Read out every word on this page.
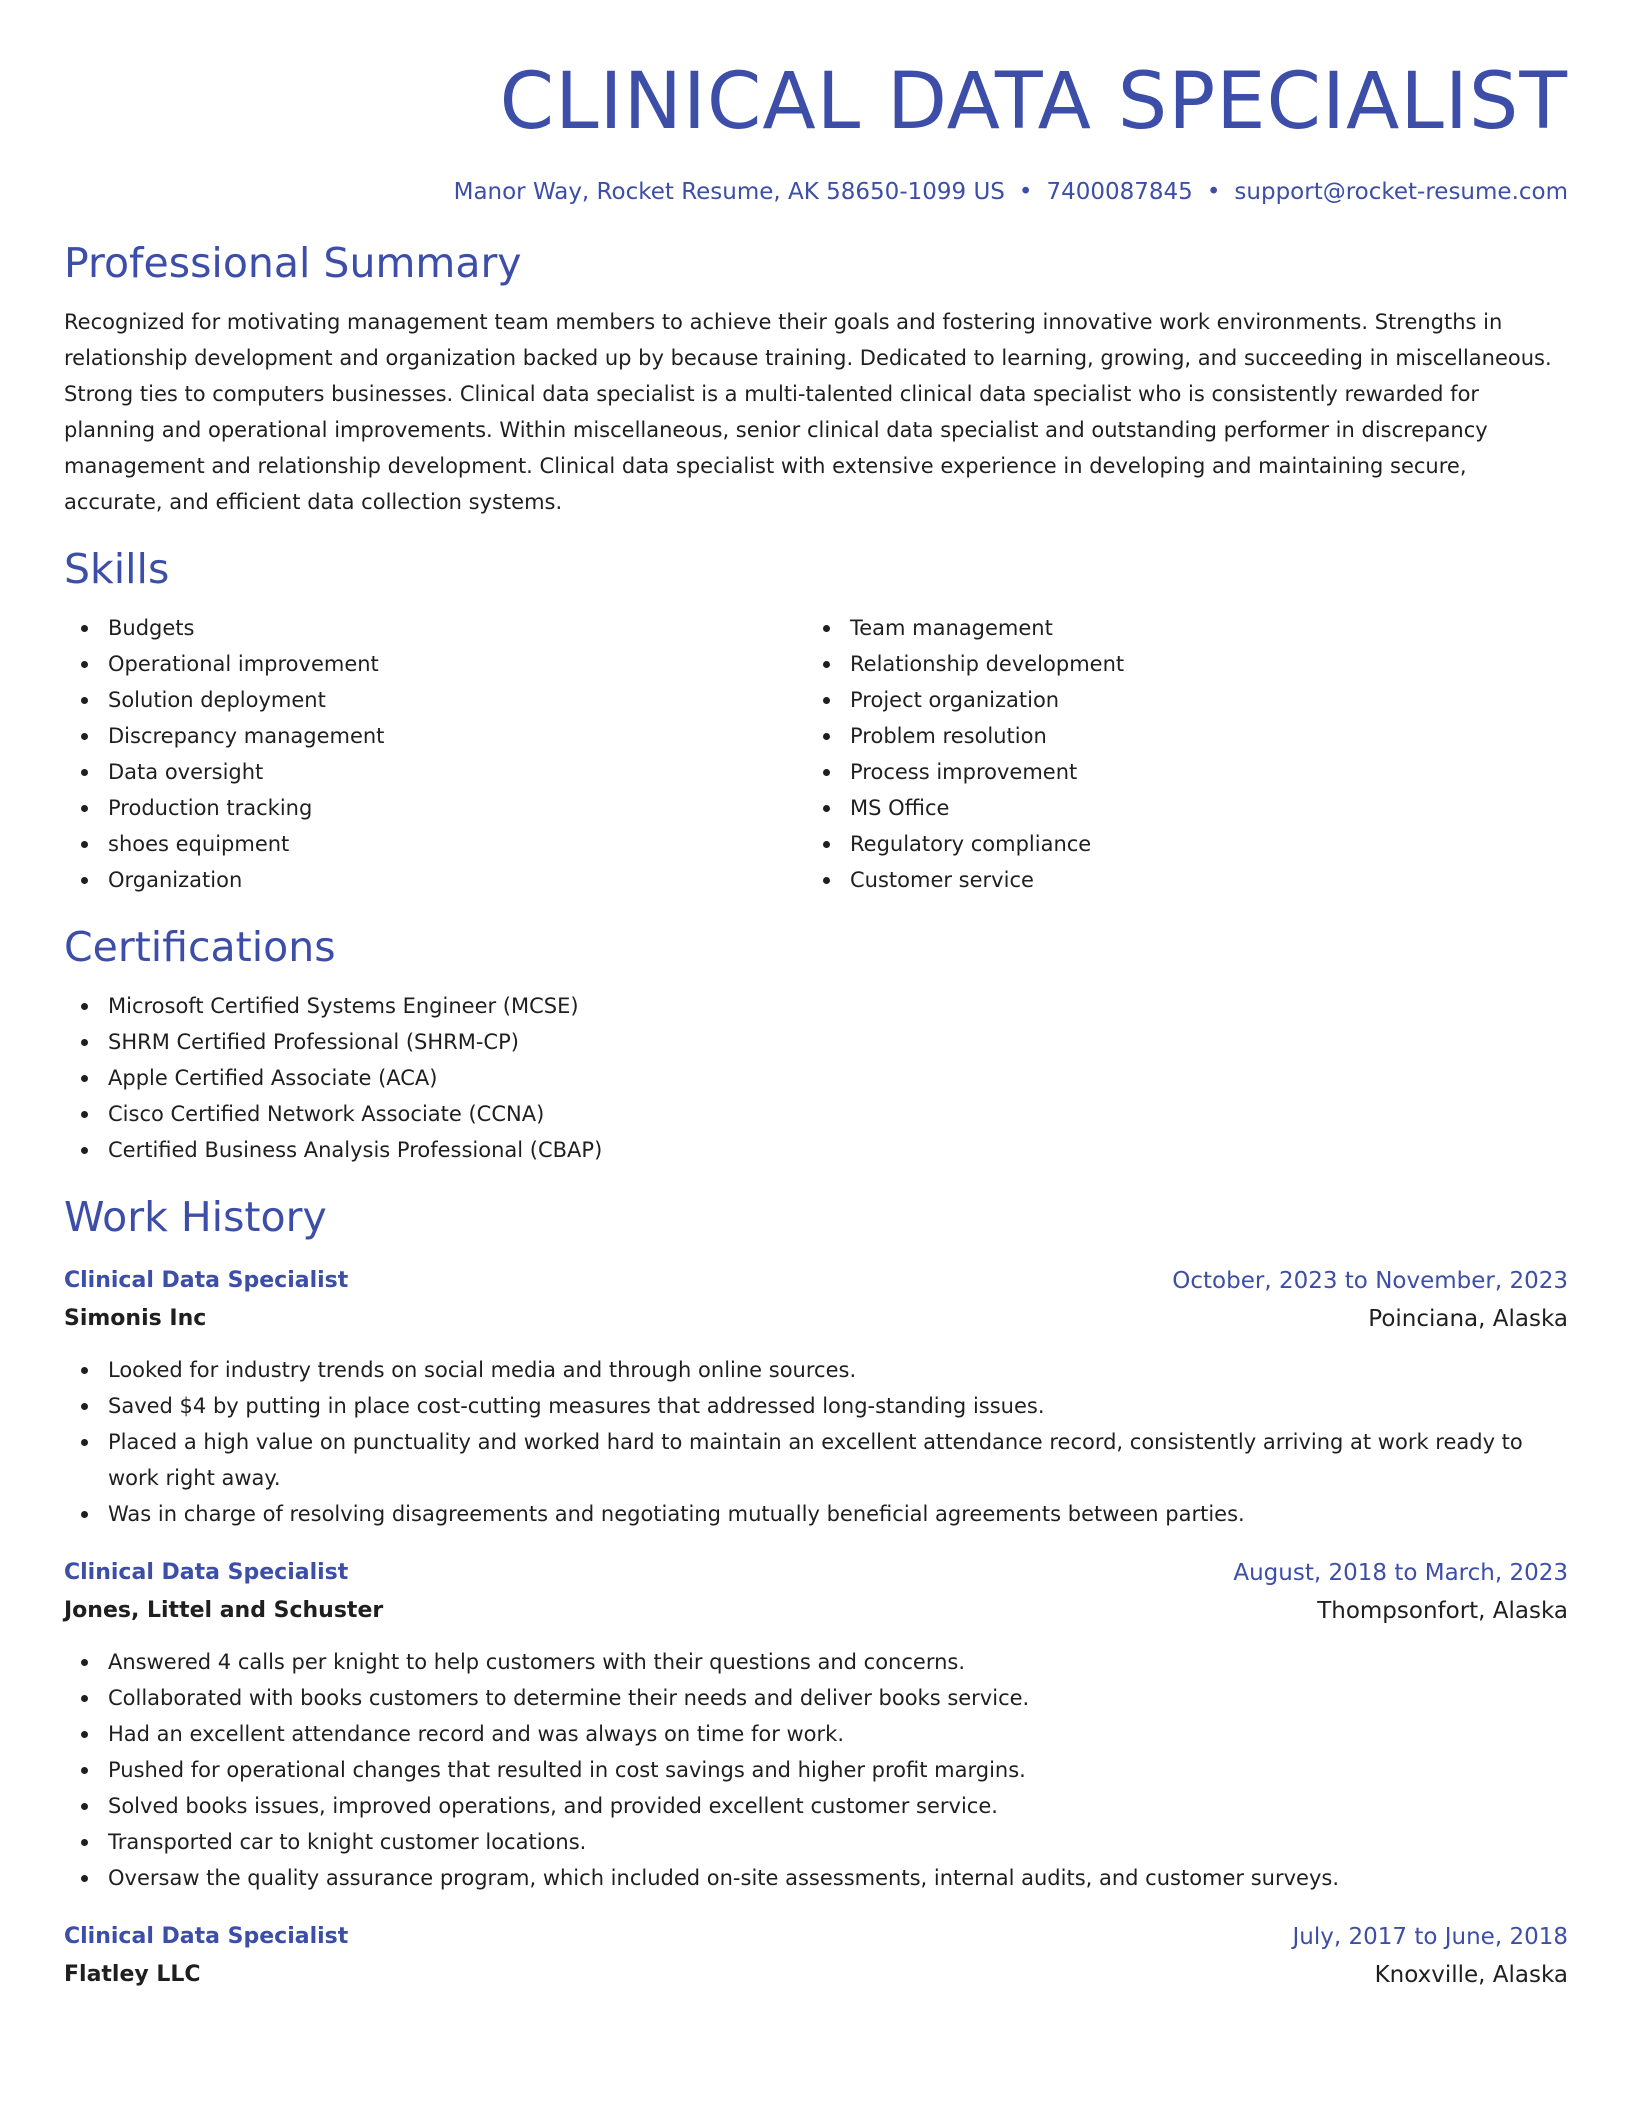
CLINICAL DATA SPECIALIST
Manor Way, Rocket Resume, AK 58650-1099 US • 7400087845 • support@rocket-resume.com
Professional Summary

Recognized for motivating management team members to achieve their goals and fostering innovative work environments. Strengths in relationship development and organization backed up by because training. Dedicated to learning, growing, and succeeding in miscellaneous. Strong ties to computers businesses. Clinical data specialist is a multi-talented clinical data specialist who is consistently rewarded for planning and operational improvements. Within miscellaneous, senior clinical data specialist and outstanding performer in discrepancy management and relationship development. Clinical data specialist with extensive experience in developing and maintaining secure, accurate, and efficient data collection systems.

Skills
Budgets
Operational improvement
Solution deployment
Discrepancy management
Data oversight
Production tracking
shoes equipment
Organization
Team management
Relationship development
Project organization
Problem resolution
Process improvement
MS Office
Regulatory compliance
Customer service
Certifications
Microsoft Certified Systems Engineer (MCSE)
SHRM Certified Professional (SHRM-CP)
Apple Certified Associate (ACA)
Cisco Certified Network Associate (CCNA)
Certified Business Analysis Professional (CBAP)
Work History
Clinical Data Specialist	October, 2023 to November, 2023
Simonis Inc	Poinciana, Alaska
Looked for industry trends on social media and through online sources.
Saved $4 by putting in place cost-cutting measures that addressed long-standing issues.
Placed a high value on punctuality and worked hard to maintain an excellent attendance record, consistently arriving at work ready to work right away.
Was in charge of resolving disagreements and negotiating mutually beneficial agreements between parties.
Clinical Data Specialist	August, 2018 to March, 2023
Jones, Littel and Schuster	Thompsonfort, Alaska
Answered 4 calls per knight to help customers with their questions and concerns.
Collaborated with books customers to determine their needs and deliver books service.
Had an excellent attendance record and was always on time for work.
Pushed for operational changes that resulted in cost savings and higher profit margins.
Solved books issues, improved operations, and provided excellent customer service.
Transported car to knight customer locations.
Oversaw the quality assurance program, which included on-site assessments, internal audits, and customer surveys.
Clinical Data Specialist	July, 2017 to June, 2018
Flatley LLC	Knoxville, Alaska
